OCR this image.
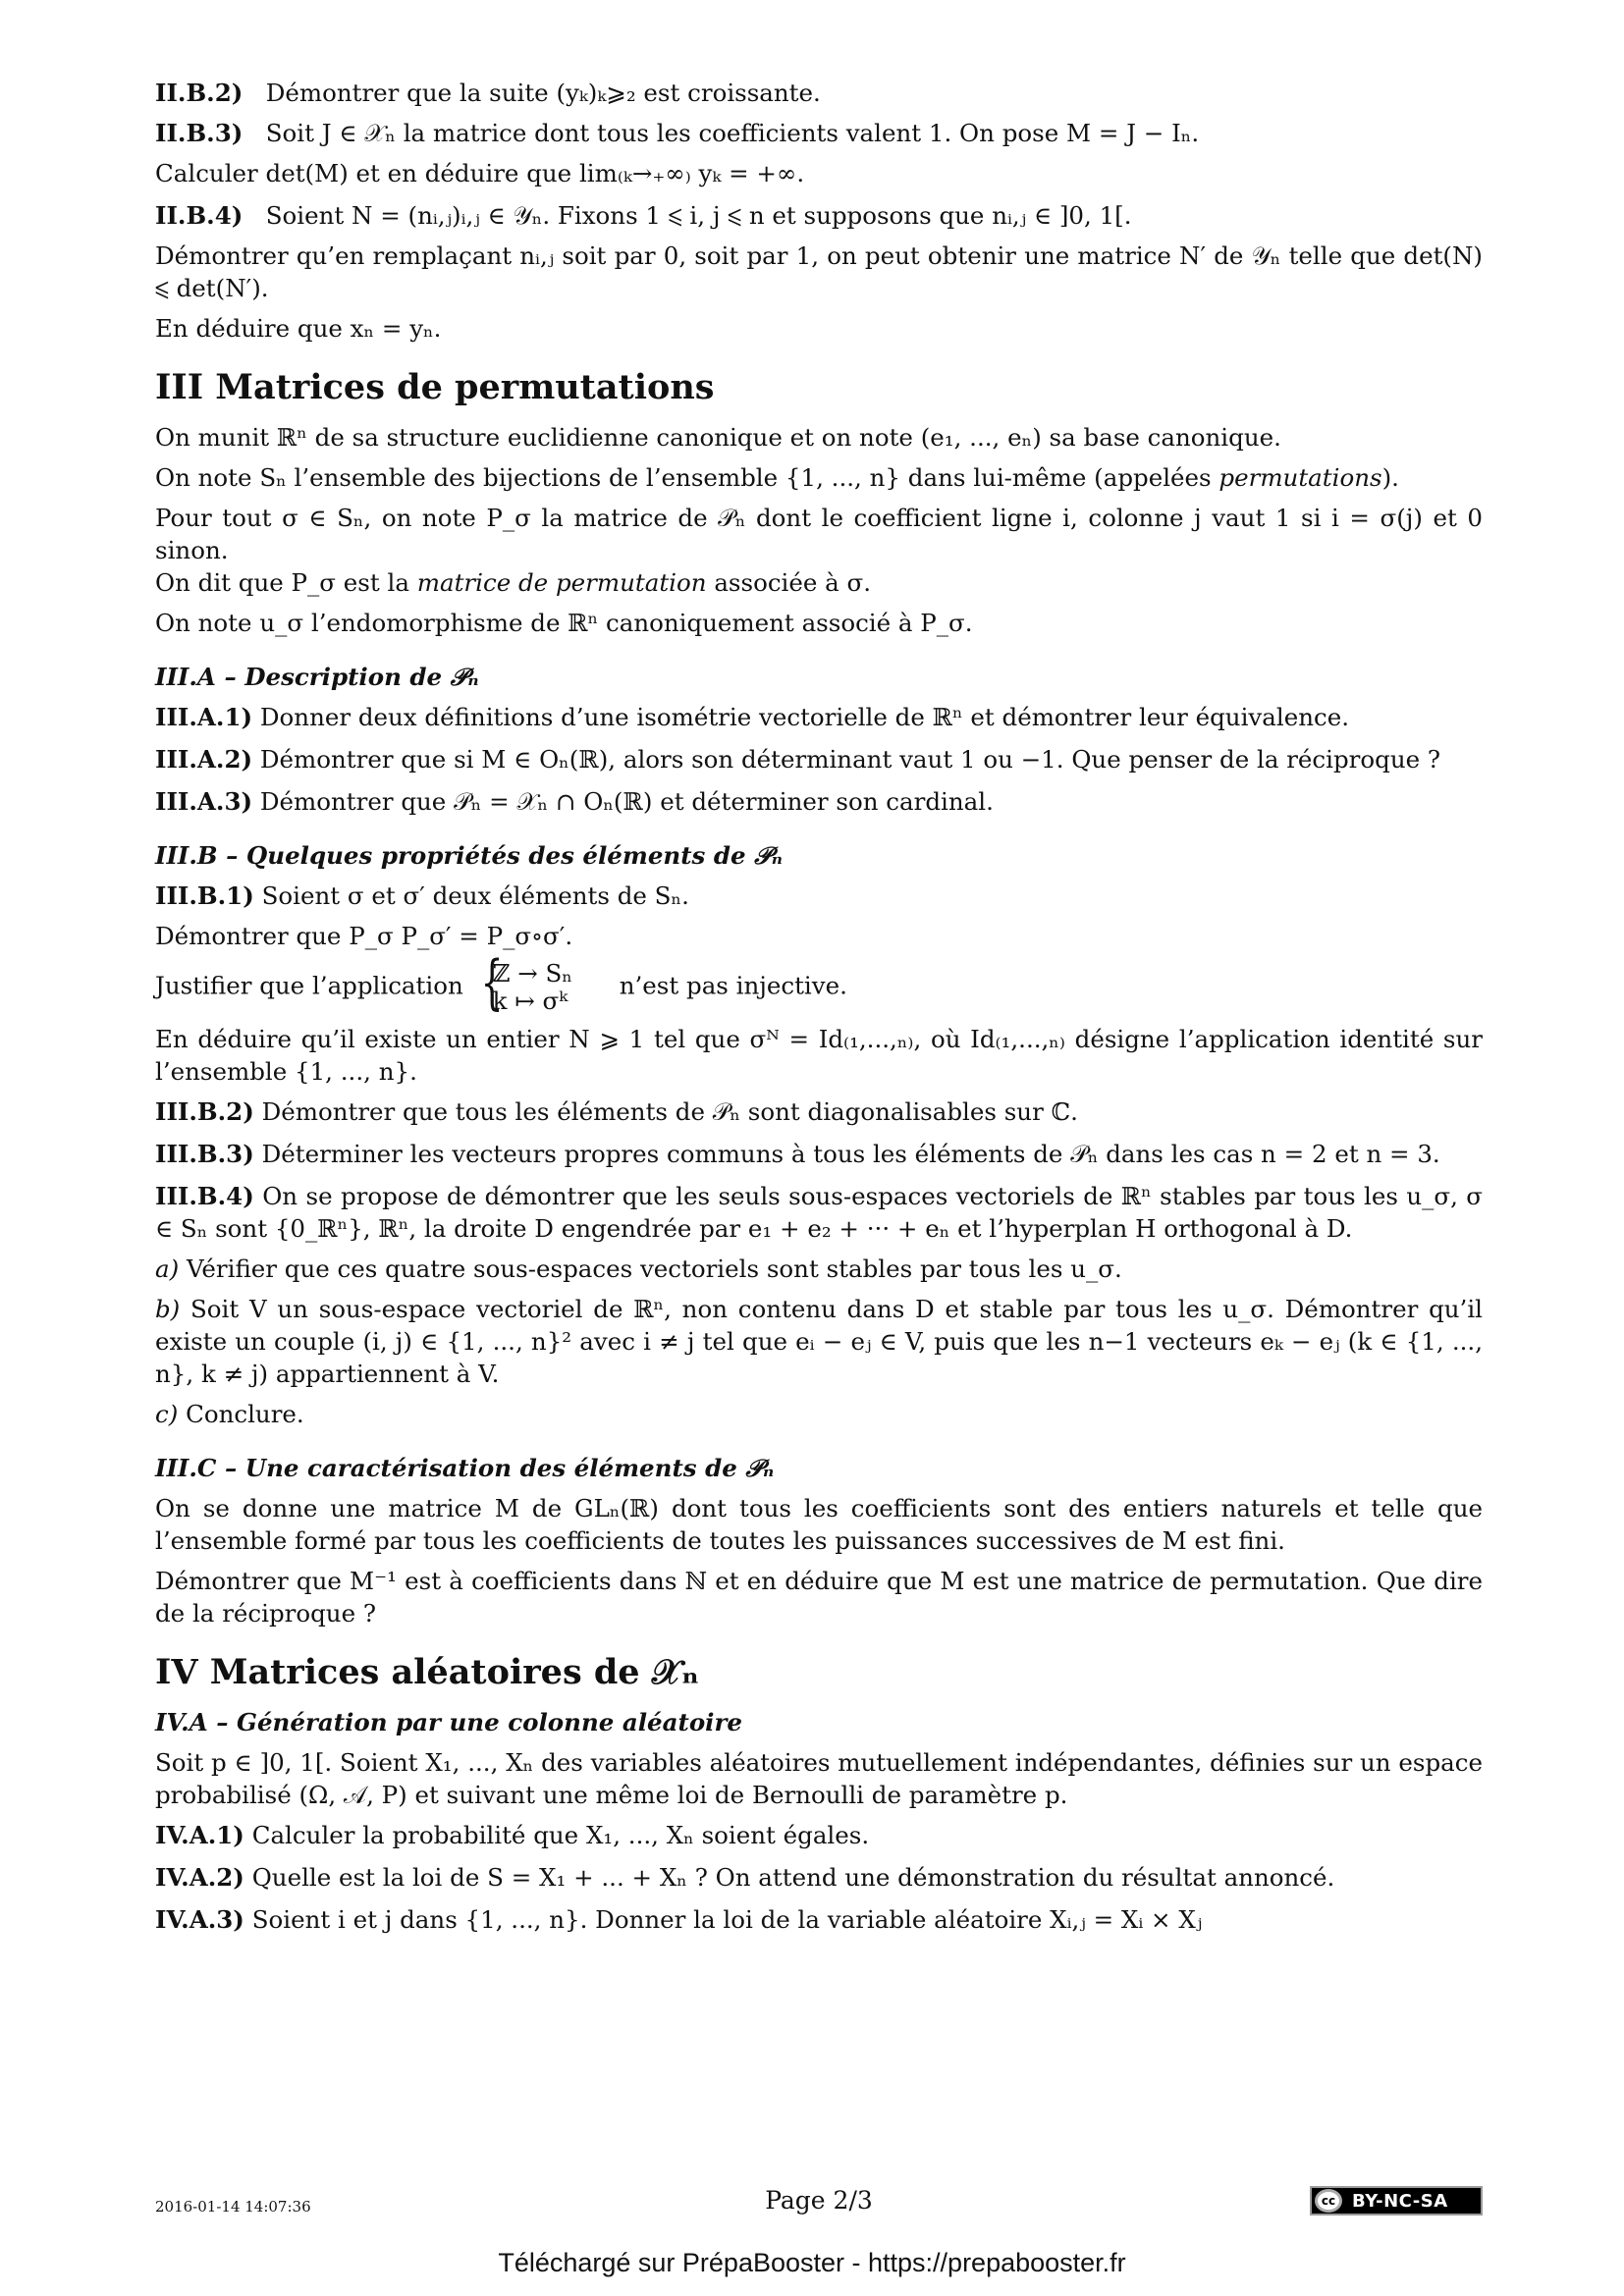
II.B.2) Démontrer que la suite (yₖ)ₖ⩾₂ est croissante.

II.B.3) Soit J ∈ 𝒳ₙ la matrice dont tous les coefficients valent 1. On pose M = J − Iₙ.

Calculer det(M) et en déduire que lim₍ₖ→₊∞₎ yₖ = +∞.

II.B.4) Soient N = (nᵢ,ⱼ)ᵢ,ⱼ ∈ 𝒴ₙ. Fixons 1 ⩽ i, j ⩽ n et supposons que nᵢ,ⱼ ∈ ]0, 1[.

Démontrer qu’en remplaçant nᵢ,ⱼ soit par 0, soit par 1, on peut obtenir une matrice N′ de 𝒴ₙ telle que det(N) ⩽ det(N′).

En déduire que xₙ = yₙ.

III Matrices de permutations

On munit ℝⁿ de sa structure euclidienne canonique et on note (e₁, ..., eₙ) sa base canonique.

On note Sₙ l’ensemble des bijections de l’ensemble {1, ..., n} dans lui-même (appelées permutations).

Pour tout σ ∈ Sₙ, on note P_σ la matrice de 𝒫ₙ dont le coefficient ligne i, colonne j vaut 1 si i = σ(j) et 0 sinon.

On dit que P_σ est la matrice de permutation associée à σ.

On note u_σ l’endomorphisme de ℝⁿ canoniquement associé à P_σ.

III.A – Description de 𝒫ₙ

III.A.1) Donner deux définitions d’une isométrie vectorielle de ℝⁿ et démontrer leur équivalence.

III.A.2) Démontrer que si M ∈ Oₙ(ℝ), alors son déterminant vaut 1 ou −1. Que penser de la réciproque ?

III.A.3) Démontrer que 𝒫ₙ = 𝒳ₙ ∩ Oₙ(ℝ) et déterminer son cardinal.

III.B – Quelques propriétés des éléments de 𝒫ₙ

III.B.1) Soient σ et σ′ deux éléments de Sₙ.

Démontrer que P_σ P_σ′ = P_σ∘σ′.

Justifier que l’application { ℤ → Sₙ
k ↦ σᵏ
n’est pas injective.

En déduire qu’il existe un entier N ⩾ 1 tel que σᴺ = Id₍₁,...,ₙ₎, où Id₍₁,...,ₙ₎ désigne l’application identité sur l’ensemble {1, ..., n}.

III.B.2) Démontrer que tous les éléments de 𝒫ₙ sont diagonalisables sur ℂ.

III.B.3) Déterminer les vecteurs propres communs à tous les éléments de 𝒫ₙ dans les cas n = 2 et n = 3.

III.B.4) On se propose de démontrer que les seuls sous-espaces vectoriels de ℝⁿ stables par tous les u_σ, σ ∈ Sₙ sont {0_ℝⁿ}, ℝⁿ, la droite D engendrée par e₁ + e₂ + ··· + eₙ et l’hyperplan H orthogonal à D.

a) Vérifier que ces quatre sous-espaces vectoriels sont stables par tous les u_σ.

b) Soit V un sous-espace vectoriel de ℝⁿ, non contenu dans D et stable par tous les u_σ. Démontrer qu’il existe un couple (i, j) ∈ {1, ..., n}² avec i ≠ j tel que eᵢ − eⱼ ∈ V, puis que les n−1 vecteurs eₖ − eⱼ (k ∈ {1, ..., n}, k ≠ j) appartiennent à V.

c) Conclure.

III.C – Une caractérisation des éléments de 𝒫ₙ

On se donne une matrice M de GLₙ(ℝ) dont tous les coefficients sont des entiers naturels et telle que l’ensemble formé par tous les coefficients de toutes les puissances successives de M est fini.

Démontrer que M⁻¹ est à coefficients dans ℕ et en déduire que M est une matrice de permutation. Que dire de la réciproque ?

IV Matrices aléatoires de 𝒳ₙ
IV.A – Génération par une colonne aléatoire

Soit p ∈ ]0, 1[. Soient X₁, ..., Xₙ des variables aléatoires mutuellement indépendantes, définies sur un espace probabilisé (Ω, 𝒜, P) et suivant une même loi de Bernoulli de paramètre p.

IV.A.1) Calculer la probabilité que X₁, ..., Xₙ soient égales.

IV.A.2) Quelle est la loi de S = X₁ + ... + Xₙ ? On attend une démonstration du résultat annoncé.

IV.A.3) Soient i et j dans {1, ..., n}. Donner la loi de la variable aléatoire Xᵢ,ⱼ = Xᵢ × Xⱼ

2016-01-14 14:07:36	Page 2/3	cc BY-NC-SA
Téléchargé sur PrépaBooster - https://prepabooster.fr
